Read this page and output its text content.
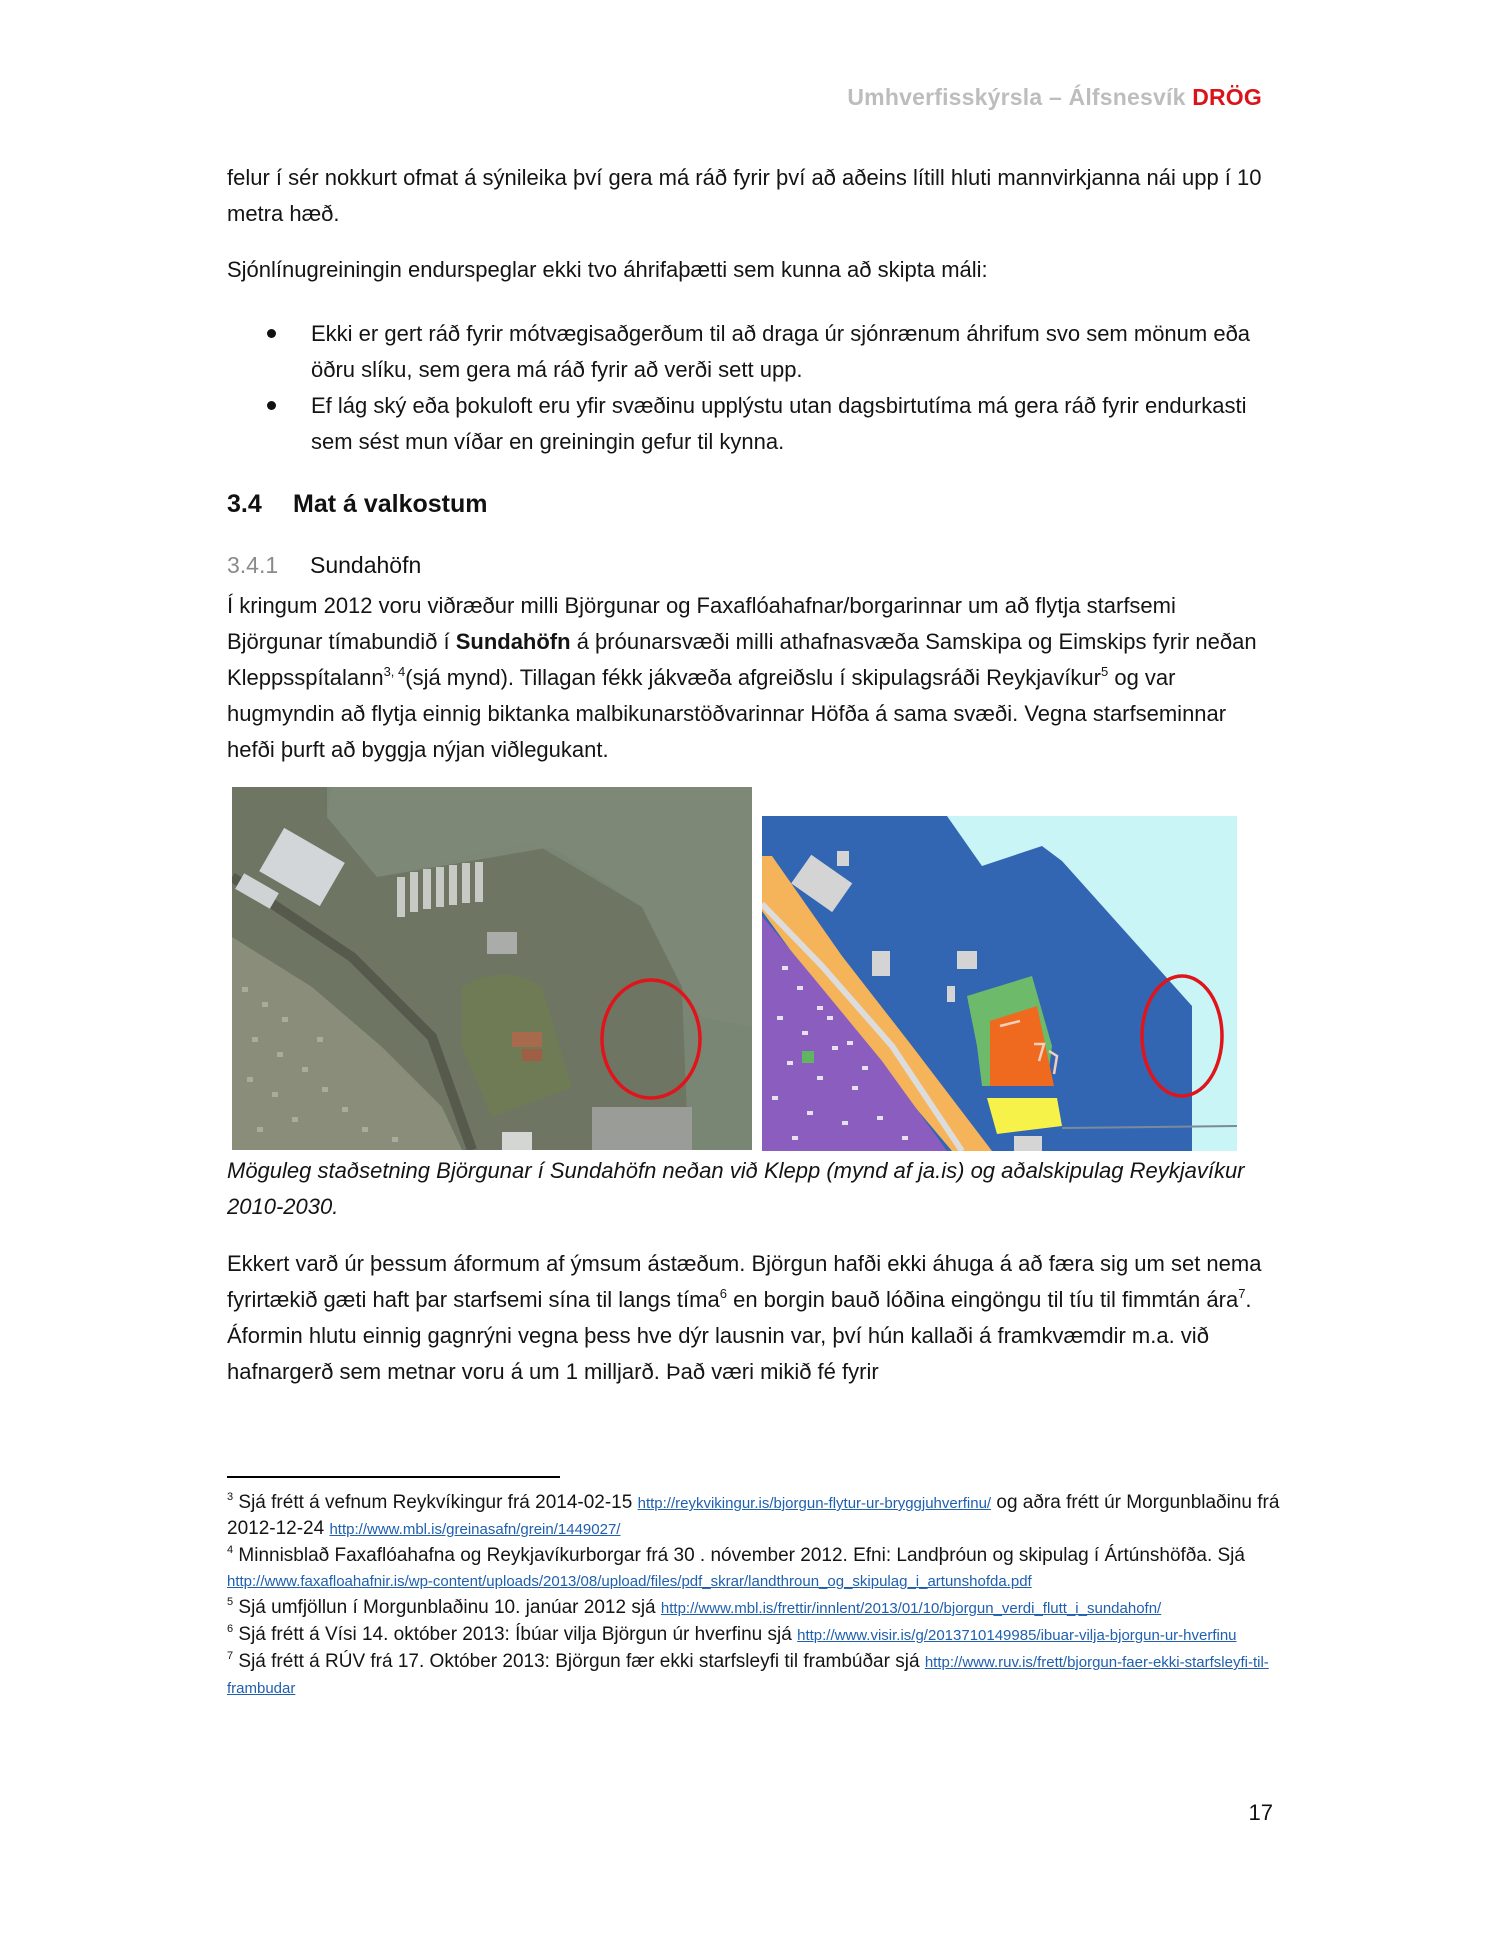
Umhverfisskýrsla – Álfsnesvík DRÖG

felur í sér nokkurt ofmat á sýnileika því gera má ráð fyrir því að aðeins lítill hluti mannvirkjanna nái upp í 10 metra hæð.

Sjónlínugreiningin endurspeglar ekki tvo áhrifaþætti sem kunna að skipta máli:

Ekki er gert ráð fyrir mótvægisaðgerðum til að draga úr sjónrænum áhrifum svo sem mönum eða öðru slíku, sem gera má ráð fyrir að verði sett upp.
Ef lág ský eða þokuloft eru yfir svæðinu upplýstu utan dagsbirtutíma má gera ráð fyrir endurkasti sem sést mun víðar en greiningin gefur til kynna.
3.4 Mat á valkostum
3.4.1 Sundahöfn

Í kringum 2012 voru viðræður milli Björgunar og Faxaflóahafnar/borgarinnar um að flytja starfsemi Björgunar tímabundið í Sundahöfn á þróunarsvæði milli athafnasvæða Samskipa og Eimskips fyrir neðan Kleppsspítalann$^{3, 4}$(sjá mynd). Tillagan fékk jákvæða afgreiðslu í skipulagsráði Reykjavíkur$^5$ og var hugmyndin að flytja einnig biktanka malbikunarstöðvarinnar Höfða á sama svæði. Vegna starfseminnar hefði þurft að byggja nýjan viðlegukant.

Möguleg staðsetning Björgunar í Sundahöfn neðan við Klepp (mynd af ja.is) og aðalskipulag Reykjavíkur 2010-2030.

Ekkert varð úr þessum áformum af ýmsum ástæðum. Björgun hafði ekki áhuga á að færa sig um set nema fyrirtækið gæti haft þar starfsemi sína til langs tíma$^6$ en borgin bauð lóðina eingöngu til tíu til fimmtán ára$^7$. Áformin hlutu einnig gagnrýni vegna þess hve dýr lausnin var, því hún kallaði á framkvæmdir m.a. við hafnargerð sem metnar voru á um 1 milljarð. Það væri mikið fé fyrir

$^3$ Sjá frétt á vefnum Reykvíkingur frá 2014-02-15 http://reykvikingur.is/bjorgun-flytur-ur-bryggjuhverfinu/ og aðra frétt úr Morgunblaðinu frá 2012-12-24 http://www.mbl.is/greinasafn/grein/1449027/

$^4$ Minnisblað Faxaflóahafna og Reykjavíkurborgar frá 30 . nóvember 2012. Efni: Landþróun og skipulag í Ártúnshöfða. Sjá http://www.faxafloahafnir.is/wp-content/uploads/2013/08/upload/files/pdf_skrar/landthroun_og_skipulag_i_artunshofda.pdf

$^5$ Sjá umfjöllun í Morgunblaðinu 10. janúar 2012 sjá http://www.mbl.is/frettir/innlent/2013/01/10/bjorgun_verdi_flutt_i_sundahofn/

$^6$ Sjá frétt á Vísi 14. október 2013: Íbúar vilja Björgun úr hverfinu sjá http://www.visir.is/g/2013710149985/ibuar-vilja-bjorgun-ur-hverfinu

$^7$ Sjá frétt á RÚV frá 17. Október 2013: Björgun fær ekki starfsleyfi til frambúðar sjá http://www.ruv.is/frett/bjorgun-faer-ekki-starfsleyfi-til-frambudar

17
